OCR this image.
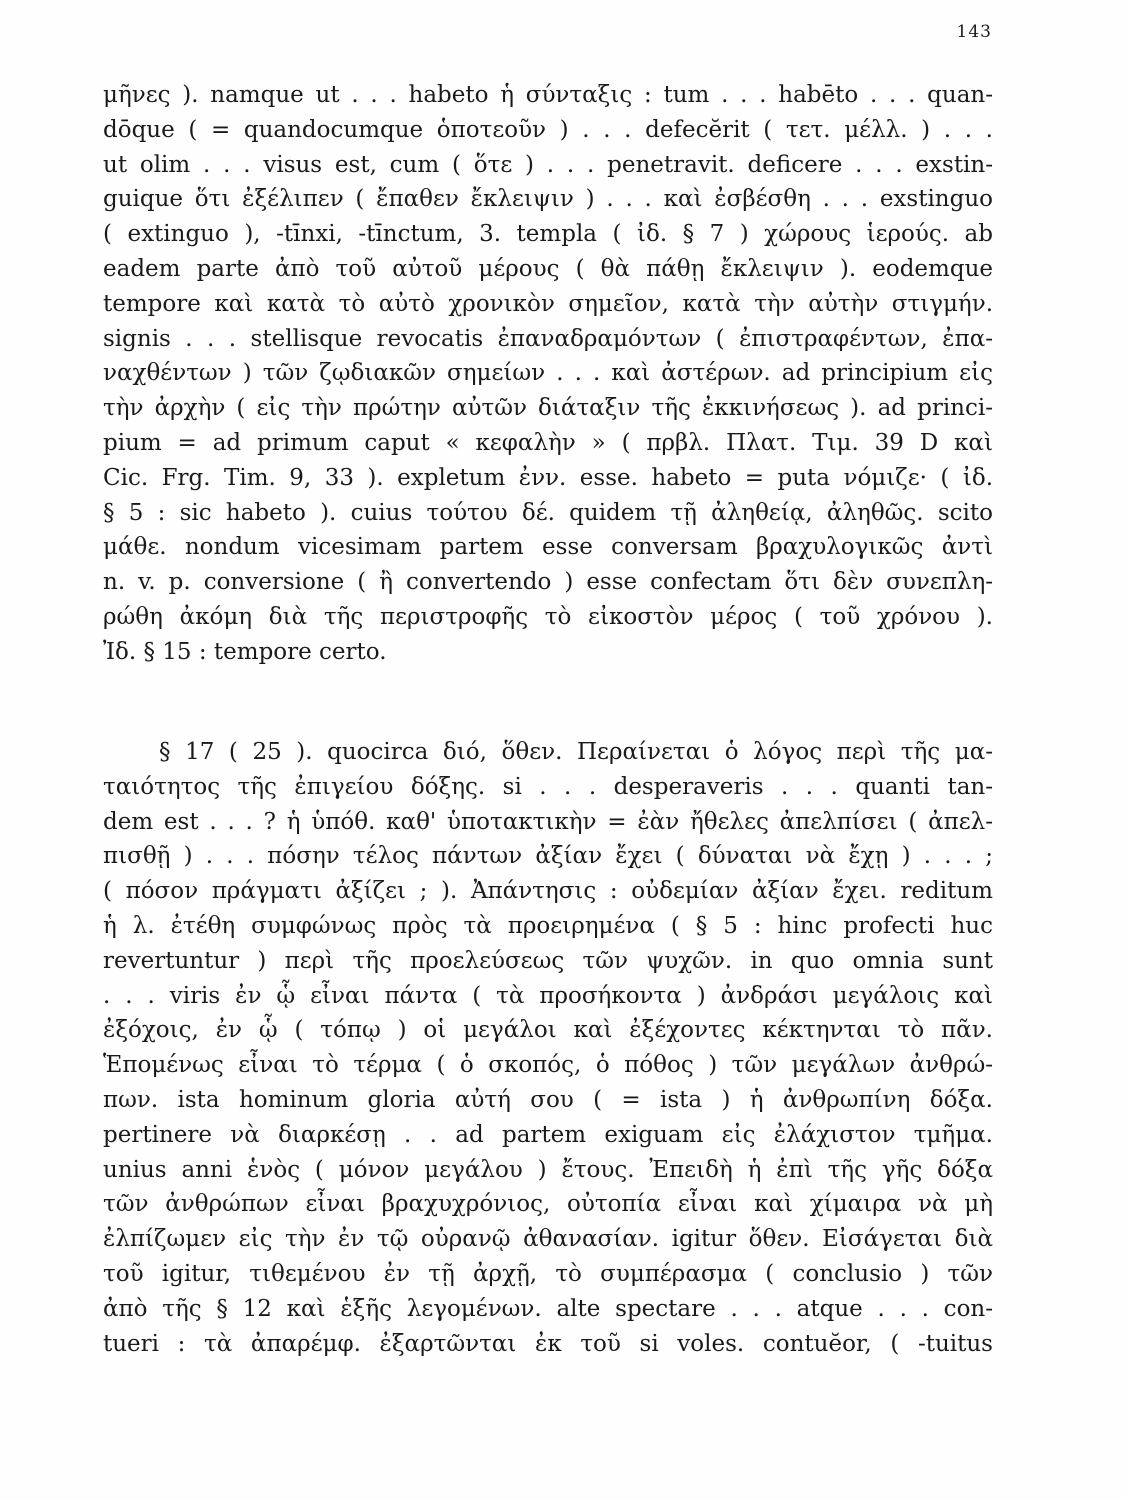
143
μῆνες ). namque ut . . . habeto ἡ σύνταξις : tum . . . habēto . . . quan-
dōque ( = quandocumque ὁποτεοῦν ) . . . defecĕrit ( τετ. μέλλ. ) . . .
ut olim . . . visus est, cum ( ὅτε ) . . . penetravit. deficere . . . exstin-
guique ὅτι ἐξέλιπεν ( ἔπαθεν ἔκλειψιν ) . . . καὶ ἐσβέσθη . . . exstinguo
( extinguo ), -tīnxi, -tīnctum, 3. templa ( ἰδ. § 7 ) χώρους ἱερούς. ab
eadem parte ἀπὸ τοῦ αὐτοῦ μέρους ( θὰ πάθῃ ἔκλειψιν ). eodemque
tempore καὶ κατὰ τὸ αὐτὸ χρονικὸν σημεῖον, κατὰ τὴν αὐτὴν στιγμήν.
signis . . . stellisque revocatis ἐπαναδραμόντων ( ἐπιστραφέντων, ἐπα-
ναχθέντων ) τῶν ζῳδιακῶν σημείων . . . καὶ ἀστέρων. ad principium εἰς
τὴν ἀρχὴν ( εἰς τὴν πρώτην αὐτῶν διάταξιν τῆς ἐκκινήσεως ). ad princi-
pium = ad primum caput « κεφαλὴν » ( πρβλ. Πλατ. Τιμ. 39 D καὶ
Cic. Frg. Tim. 9, 33 ). expletum ἐνν. esse. habeto = puta νόμιζε· ( ἰδ.
§ 5 : sic habeto ). cuius τούτου δέ. quidem τῇ ἀληθείᾳ, ἀληθῶς. scito
μάθε. nondum vicesimam partem esse conversam βραχυλογικῶς ἀντὶ
n. v. p. conversione ( ἢ convertendo ) esse confectam ὅτι δὲν συνεπλη-
ρώθη ἀκόμη διὰ τῆς περιστροφῆς τὸ εἰκοστὸν μέρος ( τοῦ χρόνου ).
Ἰδ. § 15 : tempore certo.
§ 17 ( 25 ). quocirca διό, ὅθεν. Περαίνεται ὁ λόγος περὶ τῆς μα-
ταιότητος τῆς ἐπιγείου δόξης. si . . . desperaveris . . . quanti tan-
dem est . . . ? ἡ ὑπόθ. καθ' ὑποτακτικὴν = ἐὰν ἤθελες ἀπελπίσει ( ἀπελ-
πισθῇ ) . . . πόσην τέλος πάντων ἀξίαν ἔχει ( δύναται νὰ ἔχῃ ) . . . ;
( πόσον πράγματι ἀξίζει ; ). Ἀπάντησις : οὐδεμίαν ἀξίαν ἔχει. reditum
ἡ λ. ἐτέθη συμφώνως πρὸς τὰ προειρημένα ( § 5 : hinc profecti huc
revertuntur ) περὶ τῆς προελεύσεως τῶν ψυχῶν. in quo omnia sunt
. . . viris ἐν ᾧ εἶναι πάντα ( τὰ προσήκοντα ) ἀνδράσι μεγάλοις καὶ
ἐξόχοις, ἐν ᾧ ( τόπῳ ) οἱ μεγάλοι καὶ ἐξέχοντες κέκτηνται τὸ πᾶν.
Ἑπομένως εἶναι τὸ τέρμα ( ὁ σκοπός, ὁ πόθος ) τῶν μεγάλων ἀνθρώ-
πων. ista hominum gloria αὐτή σου ( = ista ) ἡ ἀνθρωπίνη δόξα.
pertinere νὰ διαρκέσῃ . . ad partem exiguam εἰς ἐλάχιστον τμῆμα.
unius anni ἑνὸς ( μόνον μεγάλου ) ἔτους. Ἐπειδὴ ἡ ἐπὶ τῆς γῆς δόξα
τῶν ἀνθρώπων εἶναι βραχυχρόνιος, οὐτοπία εἶναι καὶ χίμαιρα νὰ μὴ
ἐλπίζωμεν εἰς τὴν ἐν τῷ οὐρανῷ ἀθανασίαν. igitur ὅθεν. Εἰσάγεται διὰ
τοῦ igitur, τιθεμένου ἐν τῇ ἀρχῇ, τὸ συμπέρασμα ( conclusio ) τῶν
ἀπὸ τῆς § 12 καὶ ἑξῆς λεγομένων. alte spectare . . . atque . . . con-
tueri : τὰ ἀπαρέμφ. ἐξαρτῶνται ἐκ τοῦ si voles. contuĕor, ( -tuitus
